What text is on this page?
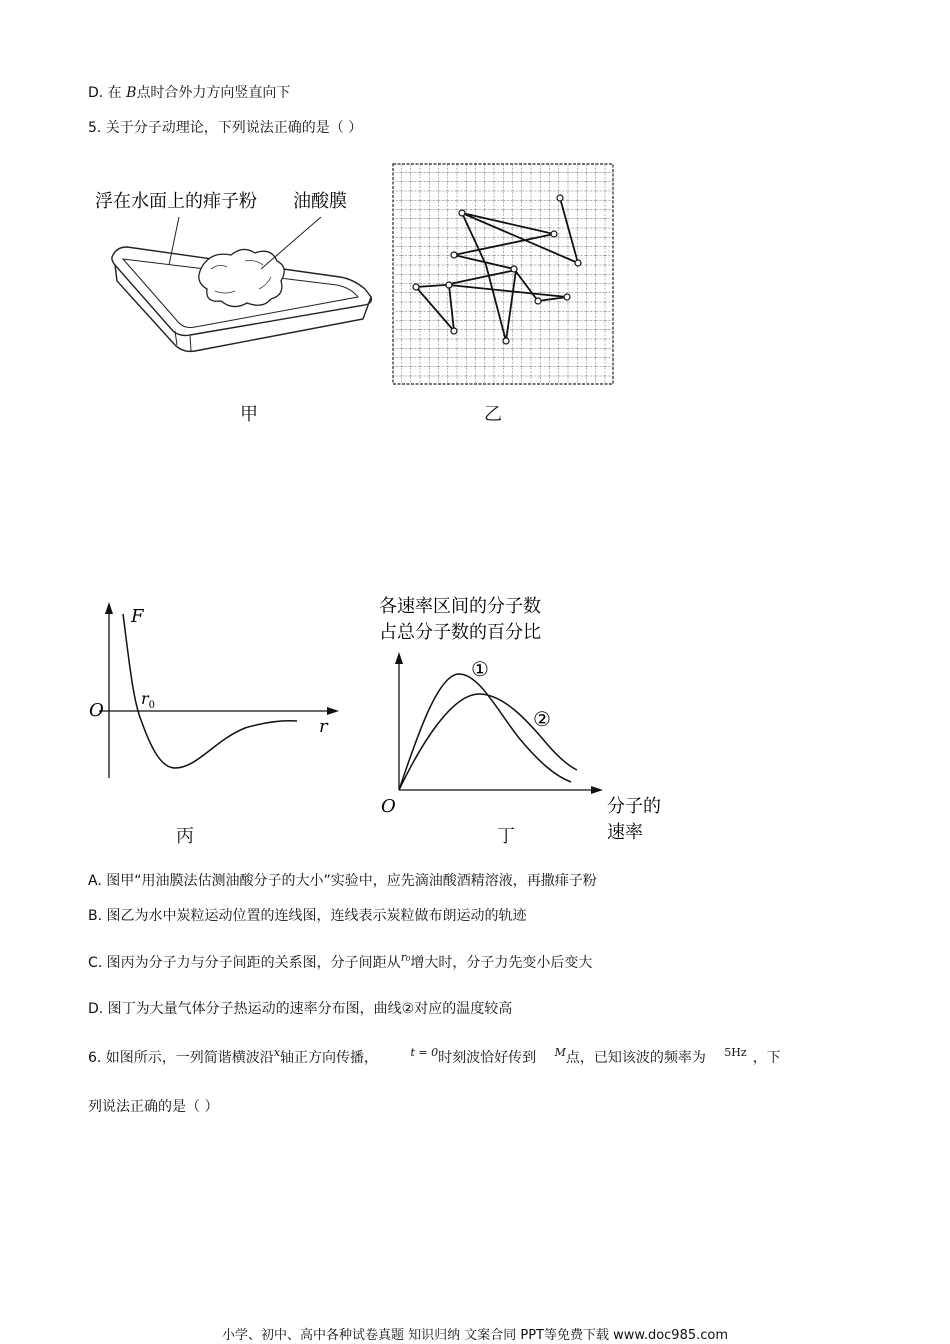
D. 在 B点时合外力方向竖直向下
5. 关于分子动理论，下列说法正确的是（ ）
浮在水面上的痱子粉 油酸膜
甲	乙
F
r
O
$r_0$
丙
各速率区间的分子数
占总分子数的百分比
O	分子的
速率
①
②
丁
A. 图甲“用油膜法估测油酸分子的大小”实验中，应先滴油酸酒精溶液，再撒痱子粉
B. 图乙为水中炭粒运动位置的连线图，连线表示炭粒做布朗运动的轨迹
C. 图丙为分子力与分子间距的关系图，分子间距从$^{r_0}$增大时，分子力先变小后变大
D. 图丁为大量气体分子热运动的速率分布图，曲线②对应的温度较高
6. 如图所示，一列简谐横波沿$^x$轴正方向传播，	$^{t = 0}$时刻波恰好传到 $^M$点，已知该波的频率为 $^{5Hz}$ ，下
列说法正确的是（ ）
小学、初中、高中各种试卷真题 知识归纳 文案合同 PPT等免费下载 www.doc985.com
